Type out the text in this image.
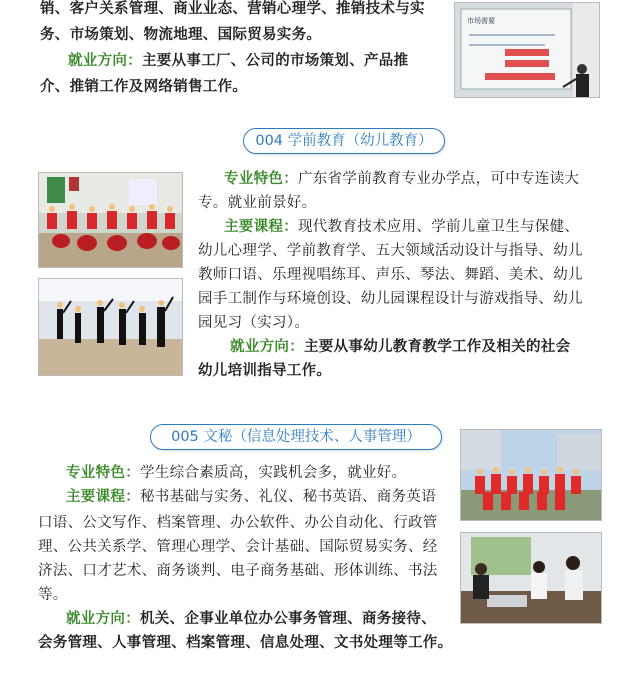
销、客户关系管理、商业业态、营销心理学、推销技术与实
务、市场策划、物流地理、国际贸易实务。
就业方向：主要从事工厂、公司的市场策划、产品推
介、推销工作及网络销售工作。
市场需要
004 学前教育（幼儿教育）
专业特色：广东省学前教育专业办学点，可中专连读大
专。就业前景好。
主要课程：现代教育技术应用、学前儿童卫生与保健、
幼儿心理学、学前教育学、五大领域活动设计与指导、幼儿
教师口语、乐理视唱练耳、声乐、琴法、舞蹈、美术、幼儿
园手工制作与环境创设、幼儿园课程设计与游戏指导、幼儿
园见习（实习）。
就业方向：主要从事幼儿教育教学工作及相关的社会
幼儿培训指导工作。
005 文秘（信息处理技术、人事管理）
专业特色：学生综合素质高，实践机会多，就业好。
主要课程：秘书基础与实务、礼仪、秘书英语、商务英语
口语、公文写作、档案管理、办公软件、办公自动化、行政管
理、公共关系学、管理心理学、会计基础、国际贸易实务、经
济法、口才艺术、商务谈判、电子商务基础、形体训练、书法
等。
就业方向：机关、企事业单位办公事务管理、商务接待、
会务管理、人事管理、档案管理、信息处理、文书处理等工作。
